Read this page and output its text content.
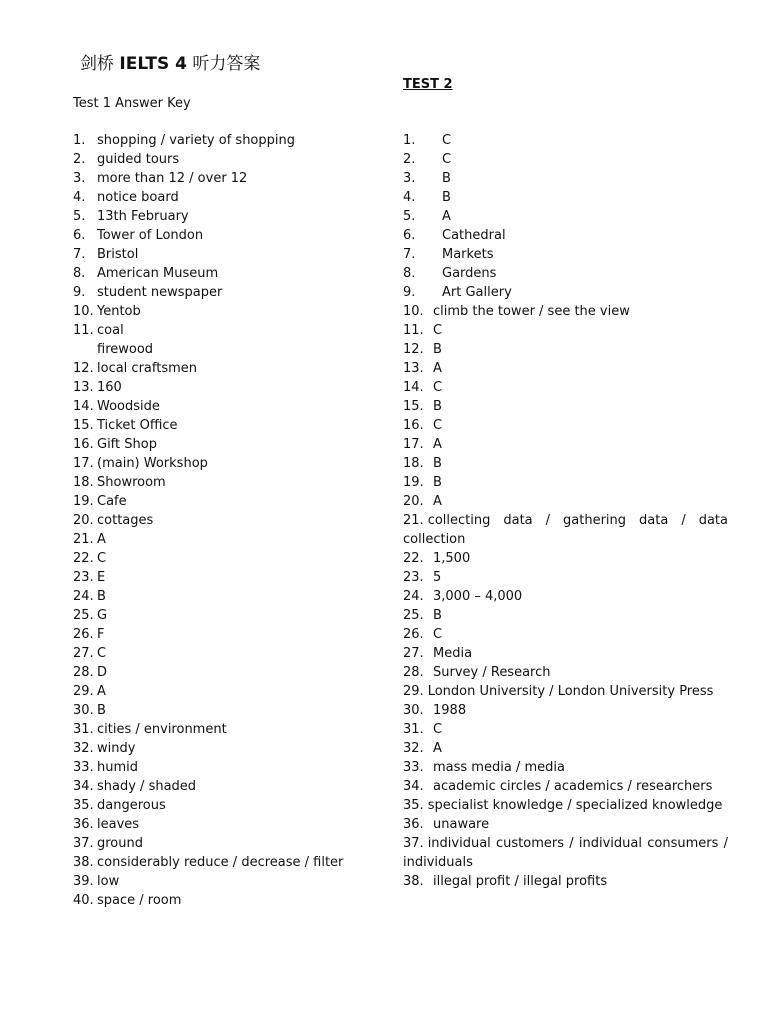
剑桥 IELTS 4 听力答案
Test 1 Answer Key
TEST 2
1. shopping / variety of shopping
2. guided tours
3. more than 12 / over 12
4. notice board
5. 13th February
6. Tower of London
7. Bristol
8. American Museum
9. student newspaper
10. Yentob
11. coal
firewood
12. local craftsmen
13. 160
14. Woodside
15. Ticket Office
16. Gift Shop
17. (main) Workshop
18. Showroom
19. Cafe
20. cottages
21. A
22. C
23. E
24. B
25. G
26. F
27. C
28. D
29. A
30. B
31. cities / environment
32. windy
33. humid
34. shady / shaded
35. dangerous
36. leaves
37. ground
38. considerably reduce / decrease / filter
39. low
40. space / room
1. C
2. C
3. B
4. B
5. A
6. Cathedral
7. Markets
8. Gardens
9. Art Gallery
10. climb the tower / see the view
11. C
12. B
13. A
14. C
15. B
16. C
17. A
18. B
19. B
20. A
21. collecting data / gathering data / data collection
22. 1,500
23. 5
24. 3,000 – 4,000
25. B
26. C
27. Media
28. Survey / Research
29. London University / London University Press
30. 1988
31. C
32. A
33. mass media / media
34. academic circles / academics / researchers
35. specialist knowledge / specialized knowledge
36. unaware
37. individual customers / individual consumers / individuals
38. illegal profit / illegal profits
